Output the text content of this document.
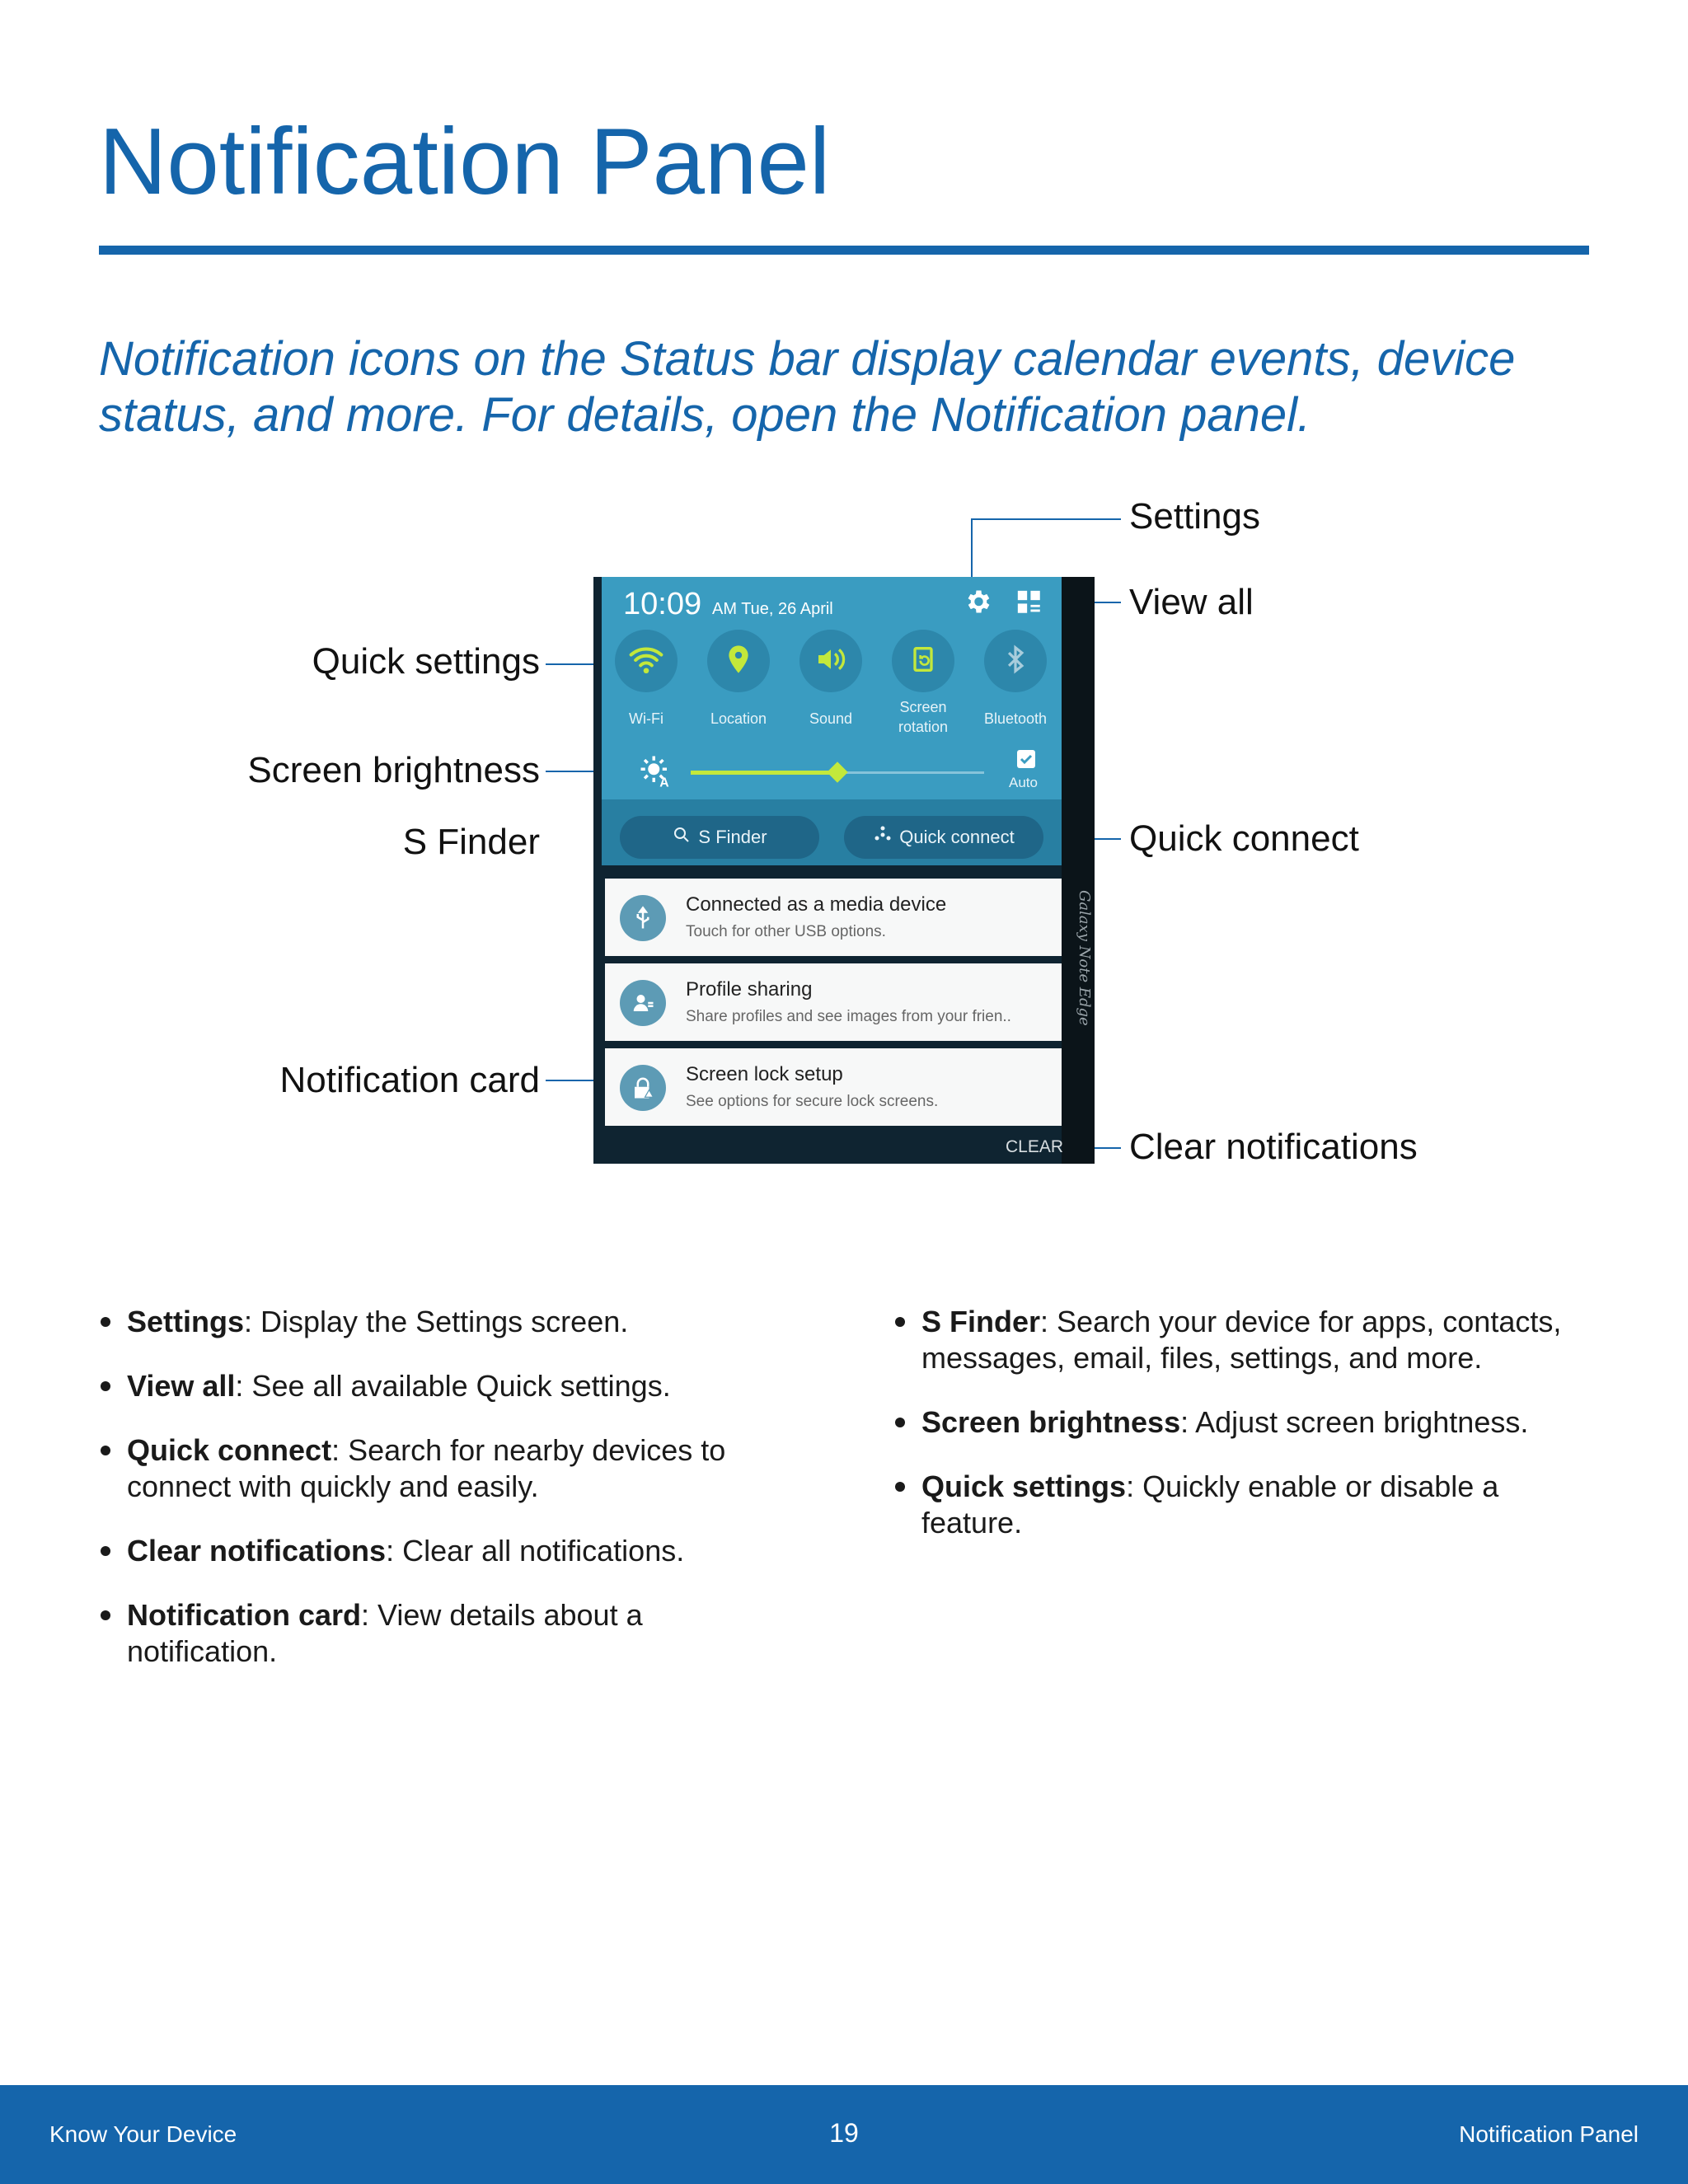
Notification Panel
Notification icons on the Status bar display calendar events, device status, and more. For details, open the Notification panel.
Settings
View all
Quick settings
Screen brightness
S Finder	Quick connect
Notification card
Clear notifications
Galaxy Note Edge
10:09 AM Tue, 26 April
Wi-Fi	Location	Sound
Screen rotation	Bluetooth
A	Auto
S Finder	Quick connect
Connected as a media device
Touch for other USB options.
Profile sharing
Share profiles and see images from your frien..
Screen lock setup
See options for secure lock screens.
CLEAR
Settings: Display the Settings screen.
View all: See all available Quick settings.
Quick connect: Search for nearby devices to connect with quickly and easily.
Clear notifications: Clear all notifications.
Notification card: View details about a notification.
S Finder: Search your device for apps, contacts, messages, email, files, settings, and more.
Screen brightness: Adjust screen brightness.
Quick settings: Quickly enable or disable a feature.
Know Your Device	19	Notification Panel
